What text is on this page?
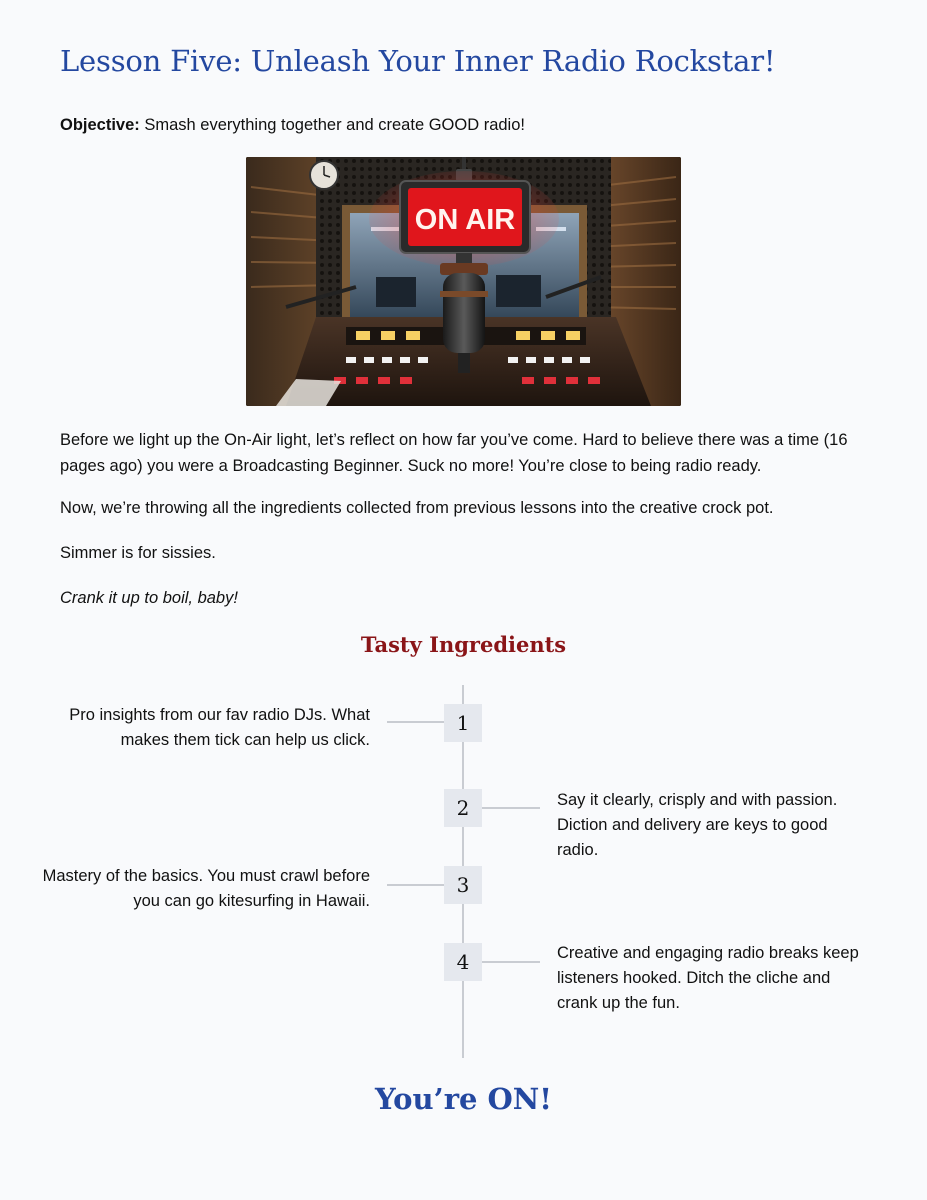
Lesson Five: Unleash Your Inner Radio Rockstar!

Objective: Smash everything together and create GOOD radio!

ON AIR

Before we light up the On-Air light, let’s reflect on how far you’ve come. Hard to believe there was a time (16 pages ago) you were a Broadcasting Beginner. Suck no more! You’re close to being radio ready.

Now, we’re throwing all the ingredients collected from previous lessons into the creative crock pot.

Simmer is for sissies.

Crank it up to boil, baby!

Tasty Ingredients
1

Pro insights from our fav radio DJs. What makes them tick can help us click.

2	Say it clearly, crisply and with passion. Diction and delivery are keys to good radio.

3

Mastery of the basics. You must crawl before you can go kitesurfing in Hawaii.

4	Creative and engaging radio breaks keep listeners hooked. Ditch the cliche and crank up the fun.

You’re ON!
